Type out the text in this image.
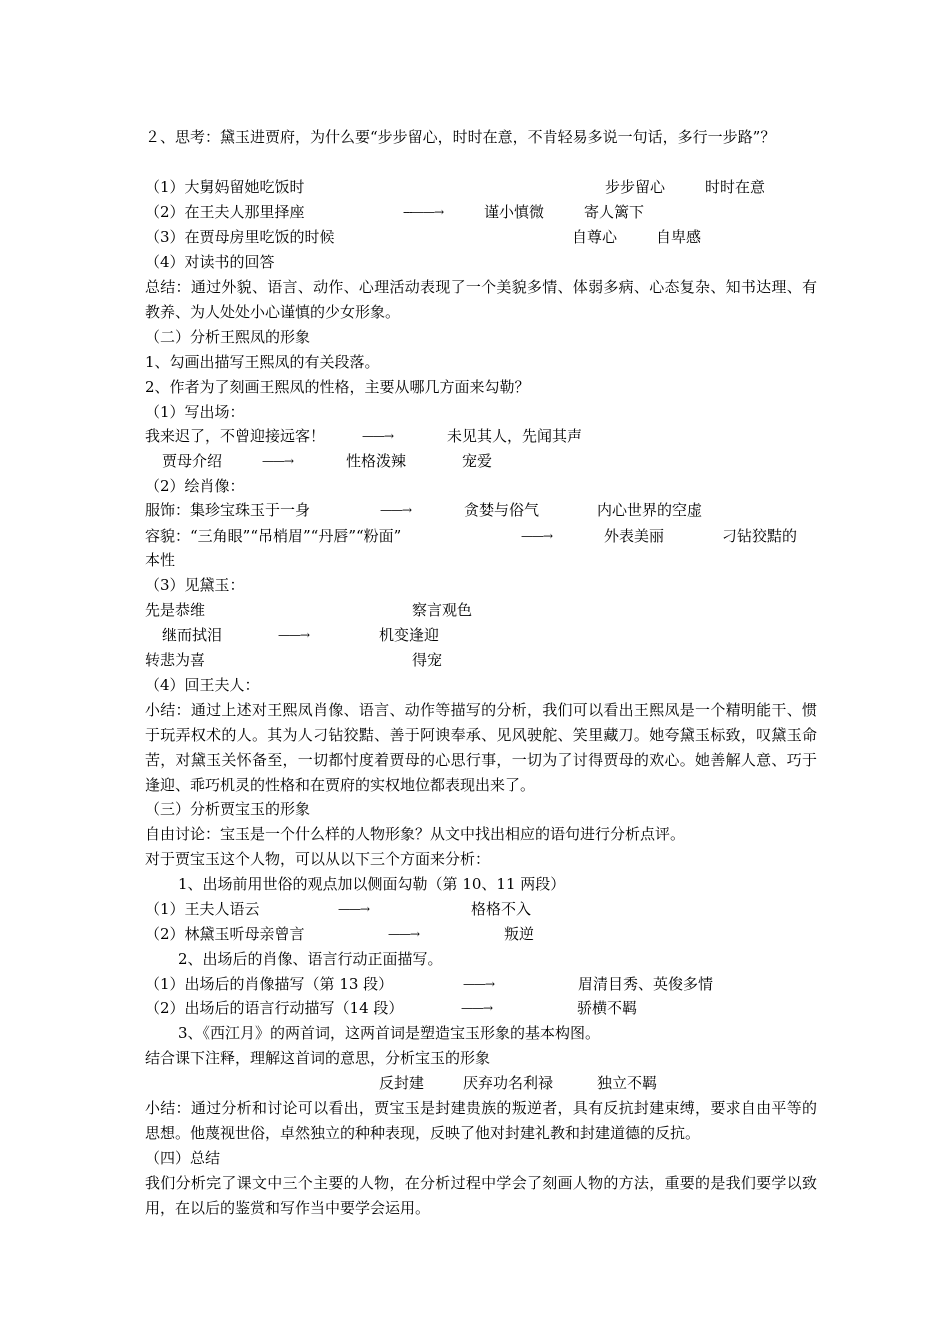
２、思考：黛玉进贾府，为什么要“步步留心，时时在意，不肯轻易多说一句话，多行一步路”？
（1）大舅妈留她吃饭时	步步留心	时时在意
（2）在王夫人那里择座	---——→	谨小慎微	寄人篱下
（3）在贾母房里吃饭的时候	自尊心	自卑感
（4）对读书的回答
总结：通过外貌、语言、动作、心理活动表现了一个美貌多情、体弱多病、心态复杂、知书达理、有教养、为人处处小心谨慎的少女形象。
（二）分析王熙凤的形象
1、勾画出描写王熙凤的有关段落。
2、作者为了刻画王熙凤的性格，主要从哪几方面来勾勒？
（1）写出场：
我来迟了，不曾迎接远客！	——→	未见其人，先闻其声
贾母介绍	——→	性格泼辣	宠爱
（2）绘肖像：
服饰：集珍宝珠玉于一身	——→	贪婪与俗气	内心世界的空虚
容貌：“三角眼”“吊梢眉”“丹唇”“粉面”	——→	外表美丽	刁钻狡黠的
本性
（3）见黛玉：
先是恭维	察言观色
继而拭泪	——→	机变逢迎
转悲为喜	得宠
（4）回王夫人：
小结：通过上述对王熙凤肖像、语言、动作等描写的分析，我们可以看出王熙凤是一个精明能干、惯于玩弄权术的人。其为人刁钻狡黠、善于阿谀奉承、见风驶舵、笑里藏刀。她夸黛玉标致，叹黛玉命苦，对黛玉关怀备至，一切都忖度着贾母的心思行事，一切为了讨得贾母的欢心。她善解人意、巧于逢迎、乖巧机灵的性格和在贾府的实权地位都表现出来了。
（三）分析贾宝玉的形象
自由讨论：宝玉是一个什么样的人物形象？从文中找出相应的语句进行分析点评。
对于贾宝玉这个人物，可以从以下三个方面来分析：
1、出场前用世俗的观点加以侧面勾勒（第 10、11 两段）
（1）王夫人语云	——→	格格不入
（2）林黛玉听母亲曾言	——→	叛逆
2、出场后的肖像、语言行动正面描写。
（1）出场后的肖像描写（第 13 段）	——→	眉清目秀、英俊多情
（2）出场后的语言行动描写（14 段）	——→	骄横不羁
3、《西江月》的两首词，这两首词是塑造宝玉形象的基本构图。
结合课下注释，理解这首词的意思，分析宝玉的形象
反封建	厌弃功名利禄	独立不羁
小结：通过分析和讨论可以看出，贾宝玉是封建贵族的叛逆者，具有反抗封建束缚，要求自由平等的思想。他蔑视世俗，卓然独立的种种表现，反映了他对封建礼教和封建道德的反抗。
（四）总结
我们分析完了课文中三个主要的人物，在分析过程中学会了刻画人物的方法，重要的是我们要学以致用，在以后的鉴赏和写作当中要学会运用。
